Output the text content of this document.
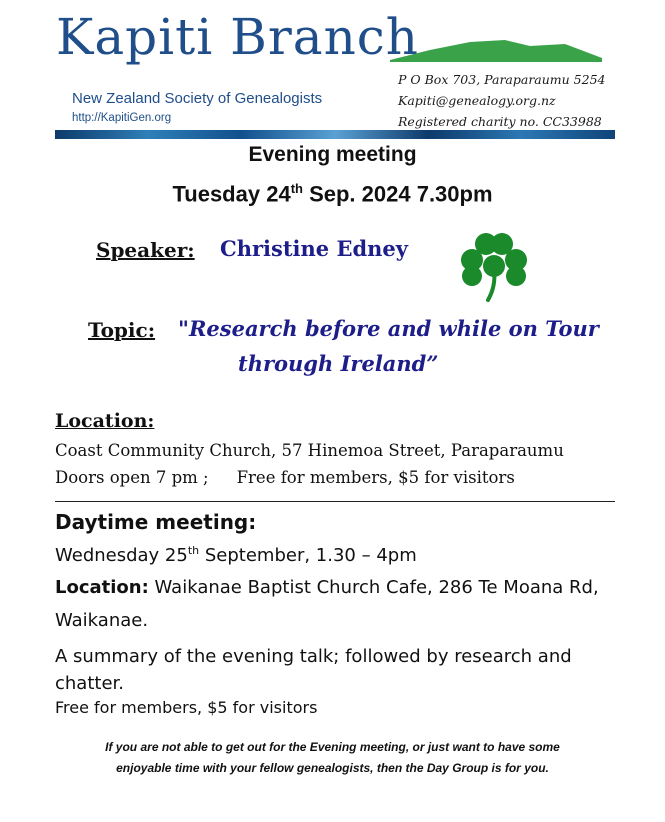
Kapiti Branch
New Zealand Society of Genealogists
http://KapitiGen.org
P O Box 703, Paraparaumu 5254
Kapiti@genealogy.org.nz
Registered charity no. CC33988
Evening meeting
Tuesday 24th Sep. 2024 7.30pm
Speaker: Christine Edney
Topic: "Research before and while on Tour
through Ireland”
Location:
Coast Community Church, 57 Hinemoa Street, Paraparaumu
Doors open 7 pm ; Free for members, $5 for visitors
Daytime meeting:
Wednesday 25th September, 1.30 – 4pm
Location: Waikanae Baptist Church Cafe, 286 Te Moana Rd,
Waikanae.
A summary of the evening talk; followed by research and chatter.
Free for members, $5 for visitors
If you are not able to get out for the Evening meeting, or just want to have some
enjoyable time with your fellow genealogists, then the Day Group is for you.
